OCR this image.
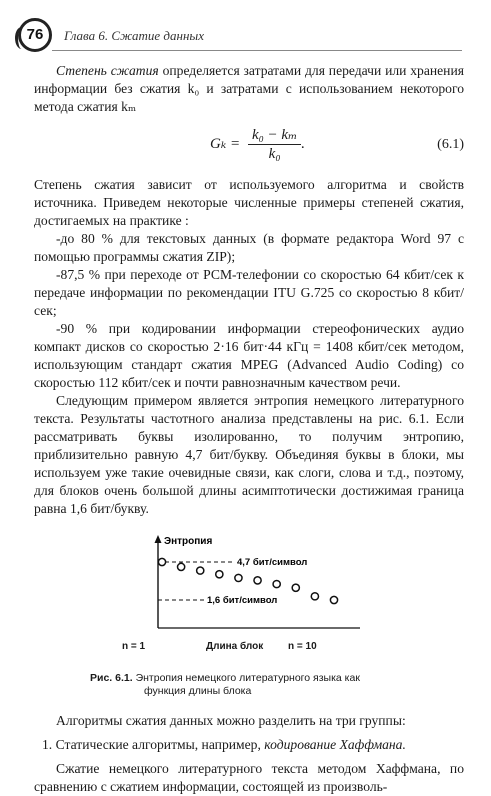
76	Глава 6. Сжатие данных

Степень сжатия определяется затратами для передачи или хранения информации без сжатия k₀ и затратами с использованием некоторого метода сжатия kₘ

$G_k = \frac{\text{k₀ − kₘ}}{\text{k₀}}$ .	(6.1)

Степень сжатия зависит от используемого алгоритма и свойств источника. Приведем некоторые численные примеры степеней сжатия, достигаемых на практике :

-до 80 % для текстовых данных (в формате редактора Word 97 с помощью программы сжатия ZIP);

-87,5 % при переходе от РСМ-телефонии со скоростью 64 кбит/сек к передаче информации по рекомендации ITU G.725 со скоростью 8 кбит/сек;

-90 % при кодировании информации стереофонических аудио компакт дисков со скоростью 2·16 бит·44 кГц = 1408 кбит/сек методом, использующим стандарт сжатия MPEG (Advanced Audio Coding) со скоростью 112 кбит/сек и почти равнозначным качеством речи.

Следующим примером является энтропия немецкого литературного текста. Результаты частотного анализа представлены на рис. 6.1. Если рассматривать буквы изолированно, то получим энтропию, приблизительно равную 4,7 бит/букву. Объединяя буквы в блоки, мы используем уже такие очевидные связи, как слоги, слова и т.д., поэтому, для блоков очень большой длины асимптотически достижимая граница равна 1,6 бит/букву.

Энтропия
4,7 бит/символ
1,6 бит/символ
n = 1	Длина блок n = 10
Рис. 6.1. Энтропия немецкого литературного языка как
функция длины блока

Алгоритмы сжатия данных можно разделить на три группы:

1. Статические алгоритмы, например, кодирование Хаффмана.

Сжатие немецкого литературного текста методом Хаффмана, по сравнению с сжатием информации, состоящей из произволь-
